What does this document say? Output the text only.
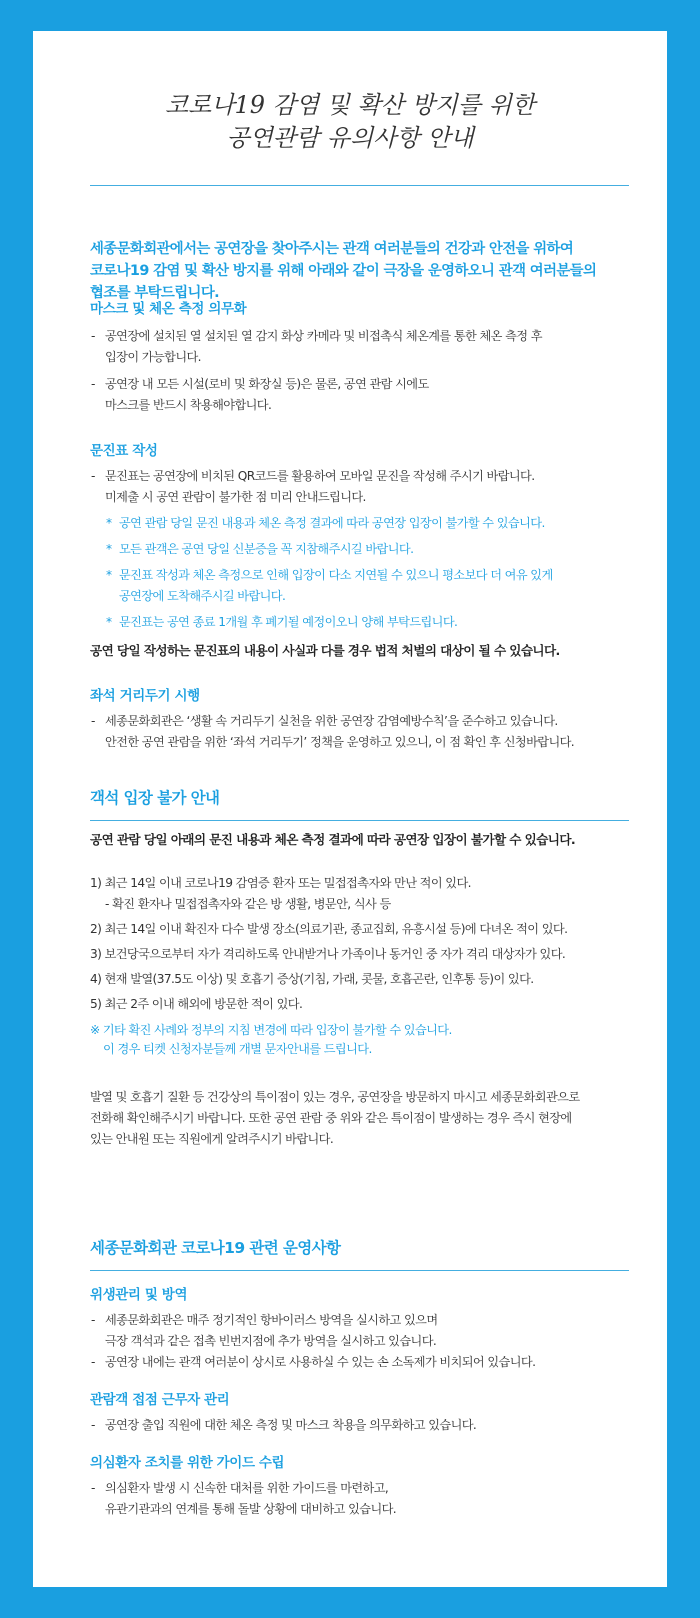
코로나19 감염 및 확산 방지를 위한
공연관람 유의사항 안내
세종문화회관에서는 공연장을 찾아주시는 관객 여러분들의 건강과 안전을 위하여
코로나19 감염 및 확산 방지를 위해 아래와 같이 극장을 운영하오니 관객 여러분들의
협조를 부탁드립니다.
마스크 및 체온 측정 의무화
- 공연장에 설치된 열 설치된 열 감지 화상 카메라 및 비접촉식 체온계를 통한 체온 측정 후
입장이 가능합니다.
- 공연장 내 모든 시설(로비 및 화장실 등)은 물론, 공연 관람 시에도
마스크를 반드시 착용해야합니다.
문진표 작성
- 문진표는 공연장에 비치된 QR코드를 활용하여 모바일 문진을 작성해 주시기 바랍니다.
미제출 시 공연 관람이 불가한 점 미리 안내드립니다.
* 공연 관람 당일 문진 내용과 체온 측정 결과에 따라 공연장 입장이 불가할 수 있습니다.
* 모든 관객은 공연 당일 신분증을 꼭 지참해주시길 바랍니다.
* 문진표 작성과 체온 측정으로 인해 입장이 다소 지연될 수 있으니 평소보다 더 여유 있게
공연장에 도착해주시길 바랍니다.
* 문진표는 공연 종료 1개월 후 폐기될 예정이오니 양해 부탁드립니다.
공연 당일 작성하는 문진표의 내용이 사실과 다를 경우 법적 처벌의 대상이 될 수 있습니다.
좌석 거리두기 시행
- 세종문화회관은 ‘생활 속 거리두기 실천을 위한 공연장 감염예방수칙’을 준수하고 있습니다.
안전한 공연 관람을 위한 ‘좌석 거리두기’ 정책을 운영하고 있으니, 이 점 확인 후 신청바랍니다.
객석 입장 불가 안내
공연 관람 당일 아래의 문진 내용과 체온 측정 결과에 따라 공연장 입장이 불가할 수 있습니다.
1) 최근 14일 이내 코로나19 감염증 환자 또는 밀접접촉자와 만난 적이 있다.
- 확진 환자나 밀접접촉자와 같은 방 생활, 병문안, 식사 등
2) 최근 14일 이내 확진자 다수 발생 장소(의료기관, 종교집회, 유흥시설 등)에 다녀온 적이 있다.
3) 보건당국으로부터 자가 격리하도록 안내받거나 가족이나 동거인 중 자가 격리 대상자가 있다.
4) 현재 발열(37.5도 이상) 및 호흡기 증상(기침, 가래, 콧물, 호흡곤란, 인후통 등)이 있다.
5) 최근 2주 이내 해외에 방문한 적이 있다.
※ 기타 확진 사례와 정부의 지침 변경에 따라 입장이 불가할 수 있습니다.
이 경우 티켓 신청자분들께 개별 문자안내를 드립니다.
발열 및 호흡기 질환 등 건강상의 특이점이 있는 경우, 공연장을 방문하지 마시고 세종문화회관으로
전화해 확인해주시기 바랍니다. 또한 공연 관람 중 위와 같은 특이점이 발생하는 경우 즉시 현장에
있는 안내원 또는 직원에게 알려주시기 바랍니다.
세종문화회관 코로나19 관련 운영사항
위생관리 및 방역
- 세종문화회관은 매주 정기적인 항바이러스 방역을 실시하고 있으며
극장 객석과 같은 접촉 빈번지점에 추가 방역을 실시하고 있습니다.
- 공연장 내에는 관객 여러분이 상시로 사용하실 수 있는 손 소독제가 비치되어 있습니다.
관람객 접점 근무자 관리
- 공연장 출입 직원에 대한 체온 측정 및 마스크 착용을 의무화하고 있습니다.
의심환자 조치를 위한 가이드 수립
- 의심환자 발생 시 신속한 대처를 위한 가이드를 마련하고,
유관기관과의 연계를 통해 돌발 상황에 대비하고 있습니다.
